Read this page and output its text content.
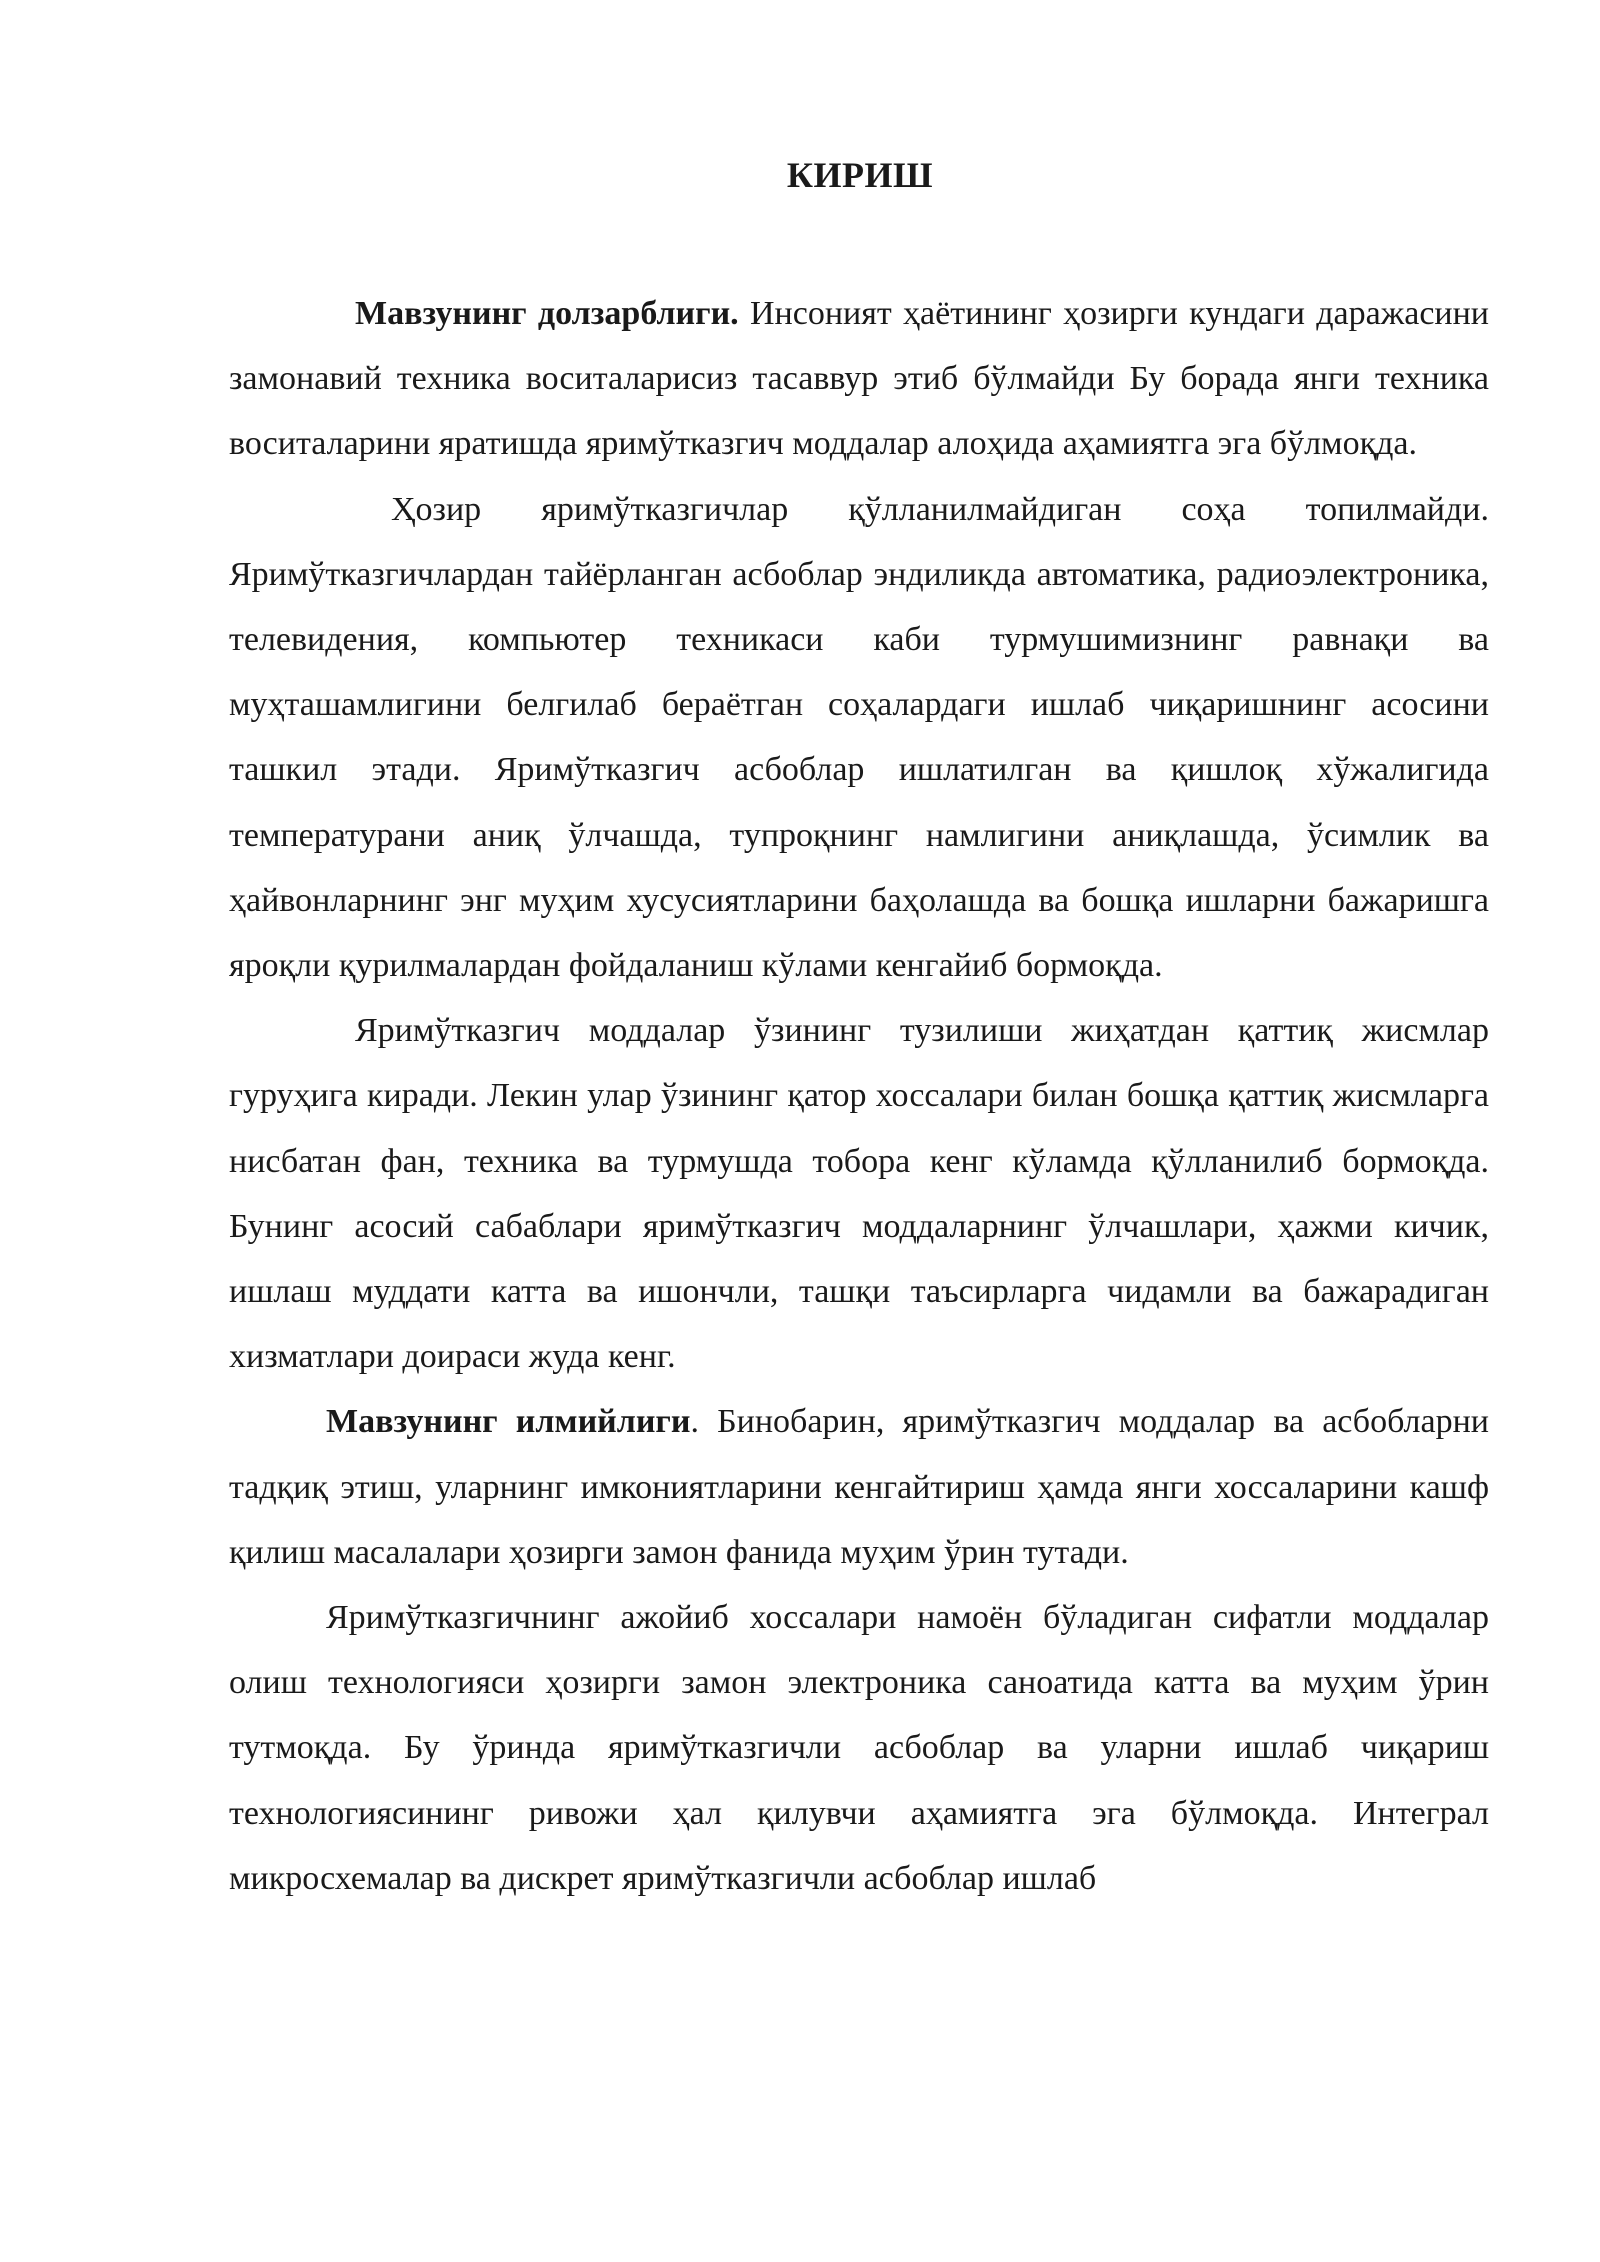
КИРИШ

Мавзунинг долзарблиги. Инсоният ҳаётининг ҳозирги кундаги даражасини замонавий техника воситаларисиз тасаввур этиб бўлмайди Бу борада янги техника воситаларини яратишда яримўтказгич моддалар алоҳида аҳамиятга эга бўлмоқда.

Ҳозир яримўтказгичлар қўлланилмайдиган соҳа топилмайди. Яримўтказгичлардан тайёрланган асбоблар эндиликда автоматика, радиоэлектроника, телевидения, компьютер техникаси каби турмушимизнинг равнақи ва муҳташамлигини белгилаб бераётган соҳалардаги ишлаб чиқаришнинг асосини ташкил этади. Яримўтказгич асбоблар ишлатилган ва қишлоқ хўжалигида температурани аниқ ўлчашда, тупроқнинг намлигини аниқлашда, ўсимлик ва ҳайвонларнинг энг муҳим хусусиятларини баҳолашда ва бошқа ишларни бажаришга яроқли қурилмалардан фойдаланиш кўлами кенгайиб бормоқда.

Яримўтказгич моддалар ўзининг тузилиши жиҳатдан қаттиқ жисмлар гуруҳига киради. Лекин улар ўзининг қатор хоссалари билан бошқа қаттиқ жисмларга нисбатан фан, техника ва турмушда тобора кенг кўламда қўлланилиб бормоқда. Бунинг асосий сабаблари яримўтказгич моддаларнинг ўлчашлари, ҳажми кичик, ишлаш муддати катта ва ишончли, ташқи таъсирларга чидамли ва бажарадиган хизматлари доираси жуда кенг.

Мавзунинг илмийлиги. Бинобарин, яримўтказгич моддалар ва асбобларни тадқиқ этиш, уларнинг имкониятларини кенгайтириш ҳамда янги хоссаларини кашф қилиш масалалари ҳозирги замон фанида муҳим ўрин тутади.

Яримўтказгичнинг ажойиб хоссалари намоён бўладиган сифатли моддалар олиш технологияси ҳозирги замон электроника саноатида катта ва муҳим ўрин тутмоқда. Бу ўринда яримўтказгичли асбоблар ва уларни ишлаб чиқариш технологиясининг ривожи ҳал қилувчи аҳамиятга эга бўлмоқда. Интеграл микросхемалар ва дискрет яримўтказгичли асбоблар ишлаб
